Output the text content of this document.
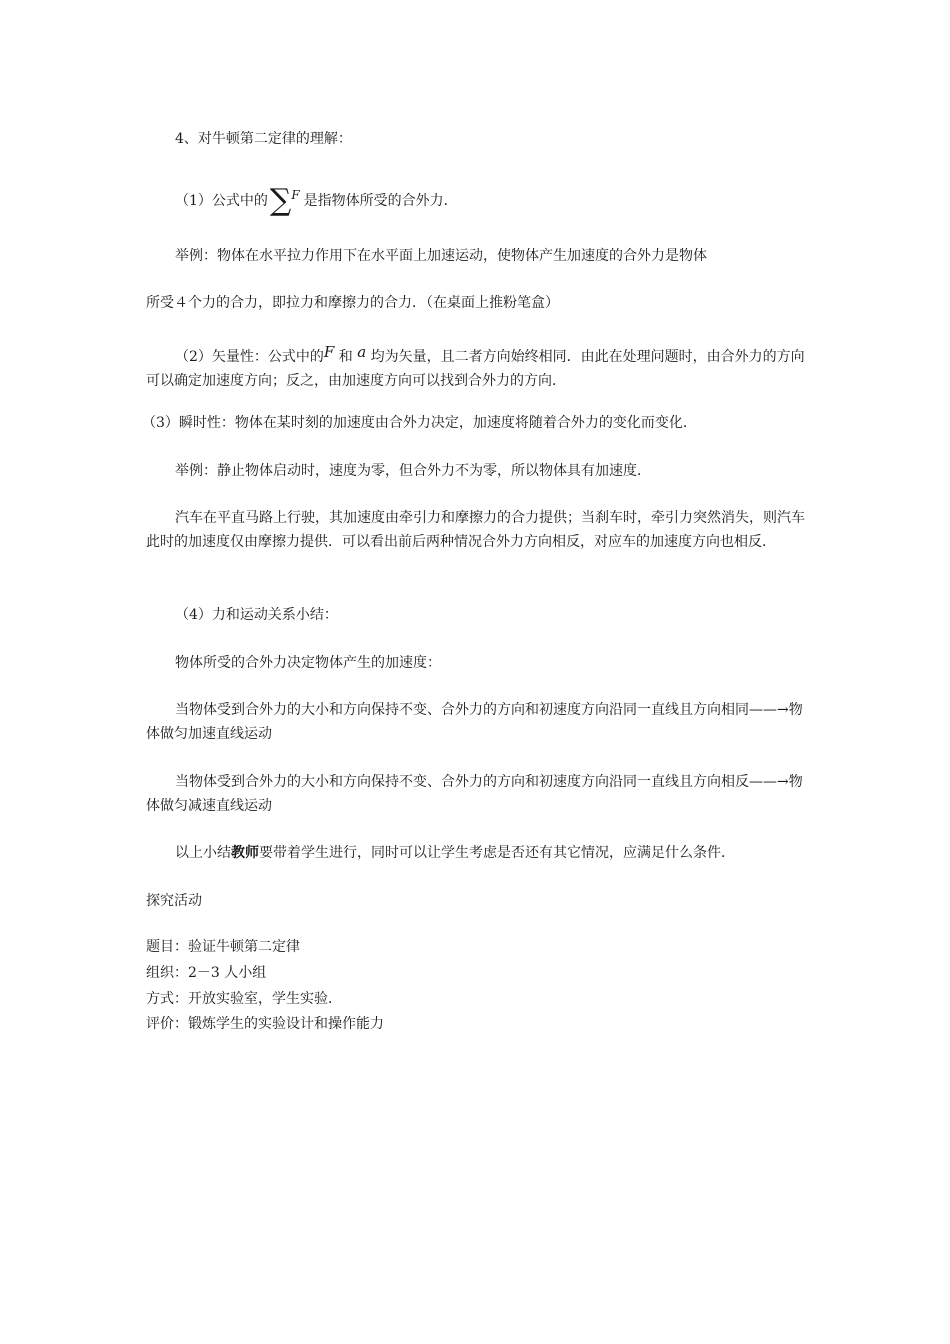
4、对牛顿第二定律的理解：
（1）公式中的∑F 是指物体所受的合外力．
举例：物体在水平拉力作用下在水平面上加速运动，使物体产生加速度的合外力是物体
所受４个力的合力，即拉力和摩擦力的合力．（在桌面上推粉笔盒）
（2）矢量性：公式中的F 和 a 均为矢量，且二者方向始终相同．由此在处理问题时，由合外力的方向可以确定加速度方向；反之，由加速度方向可以找到合外力的方向．
（3）瞬时性：物体在某时刻的加速度由合外力决定，加速度将随着合外力的变化而变化．
举例：静止物体启动时，速度为零，但合外力不为零，所以物体具有加速度．
汽车在平直马路上行驶，其加速度由牵引力和摩擦力的合力提供；当刹车时，牵引力突然消失，则汽车此时的加速度仅由摩擦力提供．可以看出前后两种情况合外力方向相反，对应车的加速度方向也相反．
（4）力和运动关系小结：
物体所受的合外力决定物体产生的加速度：
当物体受到合外力的大小和方向保持不变、合外力的方向和初速度方向沿同一直线且方向相同——→物体做匀加速直线运动
当物体受到合外力的大小和方向保持不变、合外力的方向和初速度方向沿同一直线且方向相反——→物体做匀减速直线运动
以上小结教师要带着学生进行，同时可以让学生考虑是否还有其它情况，应满足什么条件．
探究活动
题目：验证牛顿第二定律
组织：2－3 人小组
方式：开放实验室，学生实验．
评价：锻炼学生的实验设计和操作能力
